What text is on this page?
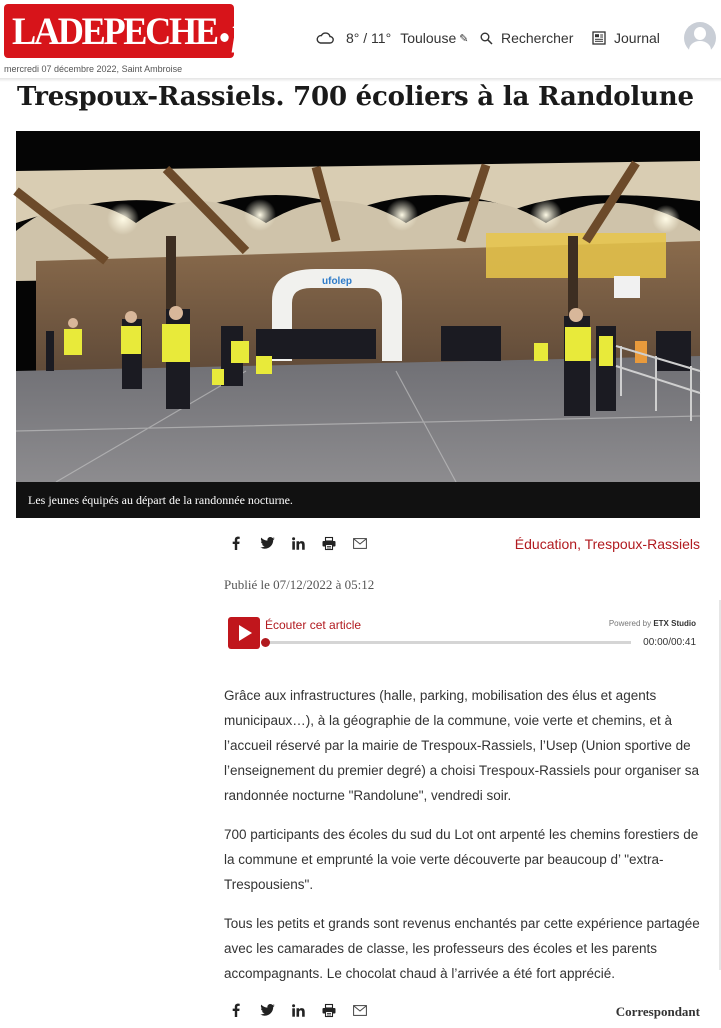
LADEPECHE fr
mercredi 07 décembre 2022, Saint Ambroise
8° / 11° Toulouse ✎ Rechercher	Journal
Trespoux-Rassiels. 700 écoliers à la Randolune
ufolep
Les jeunes équipés au départ de la randonnée nocturne.
Éducation, Trespoux-Rassiels
Publié le 07/12/2022 à 05:12
Écouter cet article	Powered by ETX Studio
00:00/00:41

Grâce aux infrastructures (halle, parking, mobilisation des élus et agents municipaux…), à la géographie de la commune, voie verte et chemins, et à l’accueil réservé par la mairie de Trespoux-Rassiels, l’Usep (Union sportive de l’enseignement du premier degré) a choisi Trespoux-Rassiels pour organiser sa randonnée nocturne "Randolune", vendredi soir.

700 participants des écoles du sud du Lot ont arpenté les chemins forestiers de la commune et emprunté la voie verte découverte par beaucoup d’ "extra-Trespousiens".

Tous les petits et grands sont revenus enchantés par cette expérience partagée avec les camarades de classe, les professeurs des écoles et les parents accompagnants. Le chocolat chaud à l’arrivée a été fort apprécié.

Correspondant
